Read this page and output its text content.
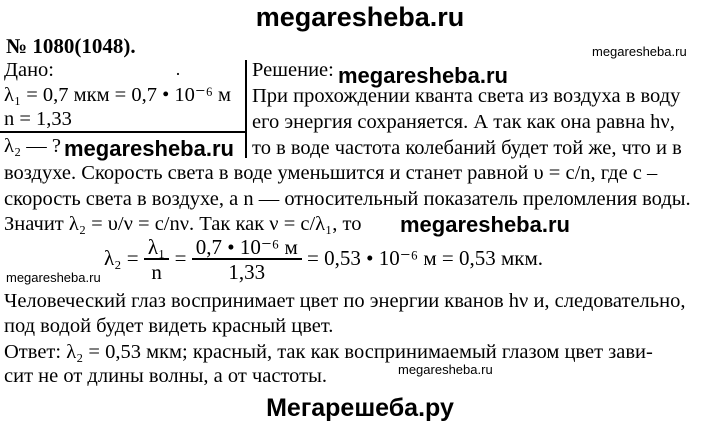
megaresheba.ru
№ 1080(1048).	megaresheba.ru
Дано:	·
λ₁ = 0,7 мкм = 0,7 • 10⁻⁶ м
n = 1,33
λ₂ — ? megaresheba.ru
Решение: megaresheba.ru
При прохождении кванта света из воздуха в воду
его энергия сохраняется. А так как она равна hν,
то в воде частота колебаний будет той же, что и в
воздухе. Скорость света в воде уменьшится и станет равной υ = c/n, где c –
скорость света в воздухе, а n — относительный показатель преломления воды.
Значит λ₂ = υ/ν = c/nν. Так как ν = c/λ₁, то megaresheba.ru
$\lambda_2 = \frac{\text{λ₁}}{n} = \frac{\text{0,7 • 10⁻⁶ м}}{1,33} = 0,53$ • 10⁻⁶ м = 0,53 мкм.
megaresheba.ru
Человеческий глаз воспринимает цвет по энергии кванов hν и, следовательно,
под водой будет видеть красный цвет.
Ответ: λ₂ = 0,53 мкм; красный, так как воспринимаемый глазом цвет зави-
сит не от длины волны, а от частоты.	megaresheba.ru
Мегарешеба.ру
